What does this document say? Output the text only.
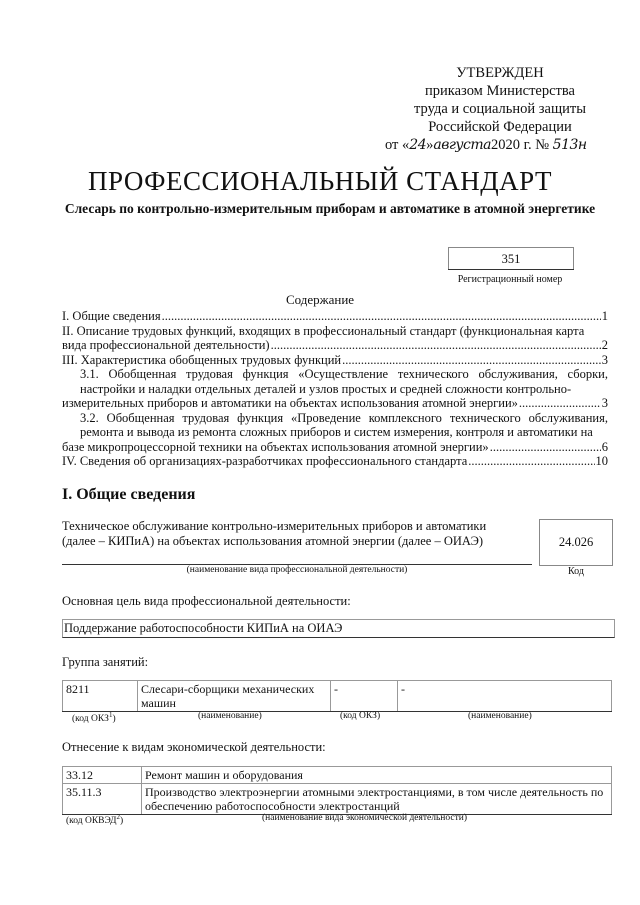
УТВЕРЖДЕН
приказом Министерства
труда и социальной защиты
Российской Федерации
от «24»августа2020 г. № 513н
ПРОФЕССИОНАЛЬНЫЙ СТАНДАРТ
Слесарь по контрольно-измерительным приборам и автоматике в атомной энергетике
351
Регистрационный номер
Содержание
I. Общие сведения .....	1
II. Описание трудовых функций, входящих в профессиональный стандарт (функциональная карта
вида профессиональной деятельности) .....	2
III. Характеристика обобщенных трудовых функций .....	3
3.1. Обобщенная трудовая функция «Осуществление технического обслуживания, сборки, настройки и наладки отдельных деталей и узлов простых и средней сложности контрольно-
измерительных приборов и автоматики на объектах использования атомной энергии» .....	3
3.2. Обобщенная трудовая функция «Проведение комплексного технического обслуживания, ремонта и вывода из ремонта сложных приборов и систем измерения, контроля и автоматики на
базе микропроцессорной техники на объектах использования атомной энергии» .....	6
IV. Сведения об организациях-разработчиках профессионального стандарта .....	10
I. Общие сведения
Техническое обслуживание контрольно-измерительных приборов и автоматики (далее – КИПиА) на объектах использования атомной энергии (далее – ОИАЭ)
(наименование вида профессиональной деятельности)
24.026
Код
Основная цель вида профессиональной деятельности:
Поддержание работоспособности КИПиА на ОИАЭ
Группа занятий:
8211	Слесари-сборщики механических машин	-	-
(код ОКЗ$^1$)	(наименование)	(код ОКЗ)	(наименование)
Отнесение к видам экономической деятельности:
33.12	Ремонт машин и оборудования
35.11.3	Производство электроэнергии атомными электростанциями, в том числе деятельность по обеспечению работоспособности электростанций
(код ОКВЭД$^2$)	(наименование вида экономической деятельности)
